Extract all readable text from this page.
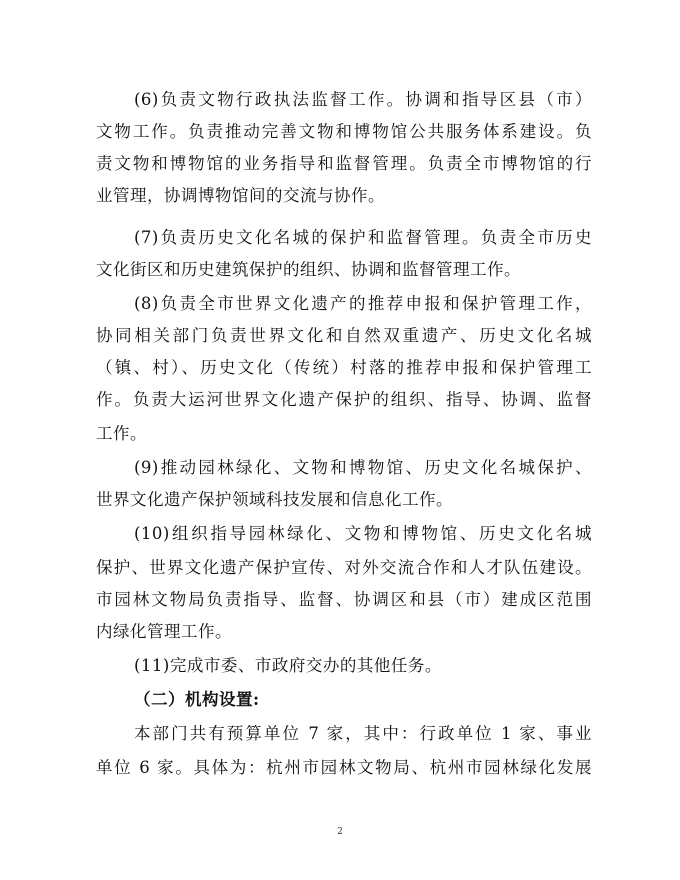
(6)负责文物行政执法监督工作。协调和指导区县（市）
文物工作。负责推动完善文物和博物馆公共服务体系建设。负
责文物和博物馆的业务指导和监督管理。负责全市博物馆的行
业管理，协调博物馆间的交流与协作。
(7)负责历史文化名城的保护和监督管理。负责全市历史
文化街区和历史建筑保护的组织、协调和监督管理工作。
(8)负责全市世界文化遗产的推荐申报和保护管理工作，
协同相关部门负责世界文化和自然双重遗产、历史文化名城
（镇、村）、历史文化（传统）村落的推荐申报和保护管理工
作。负责大运河世界文化遗产保护的组织、指导、协调、监督
工作。
(9)推动园林绿化、文物和博物馆、历史文化名城保护、
世界文化遗产保护领域科技发展和信息化工作。
(10)组织指导园林绿化、文物和博物馆、历史文化名城
保护、世界文化遗产保护宣传、对外交流合作和人才队伍建设。
市园林文物局负责指导、监督、协调区和县（市）建成区范围
内绿化管理工作。
(11)完成市委、市政府交办的其他任务。
（二）机构设置:
本部门共有预算单位 7 家，其中：行政单位 1 家、事业
单位 6 家。具体为：杭州市园林文物局、杭州市园林绿化发展
2
